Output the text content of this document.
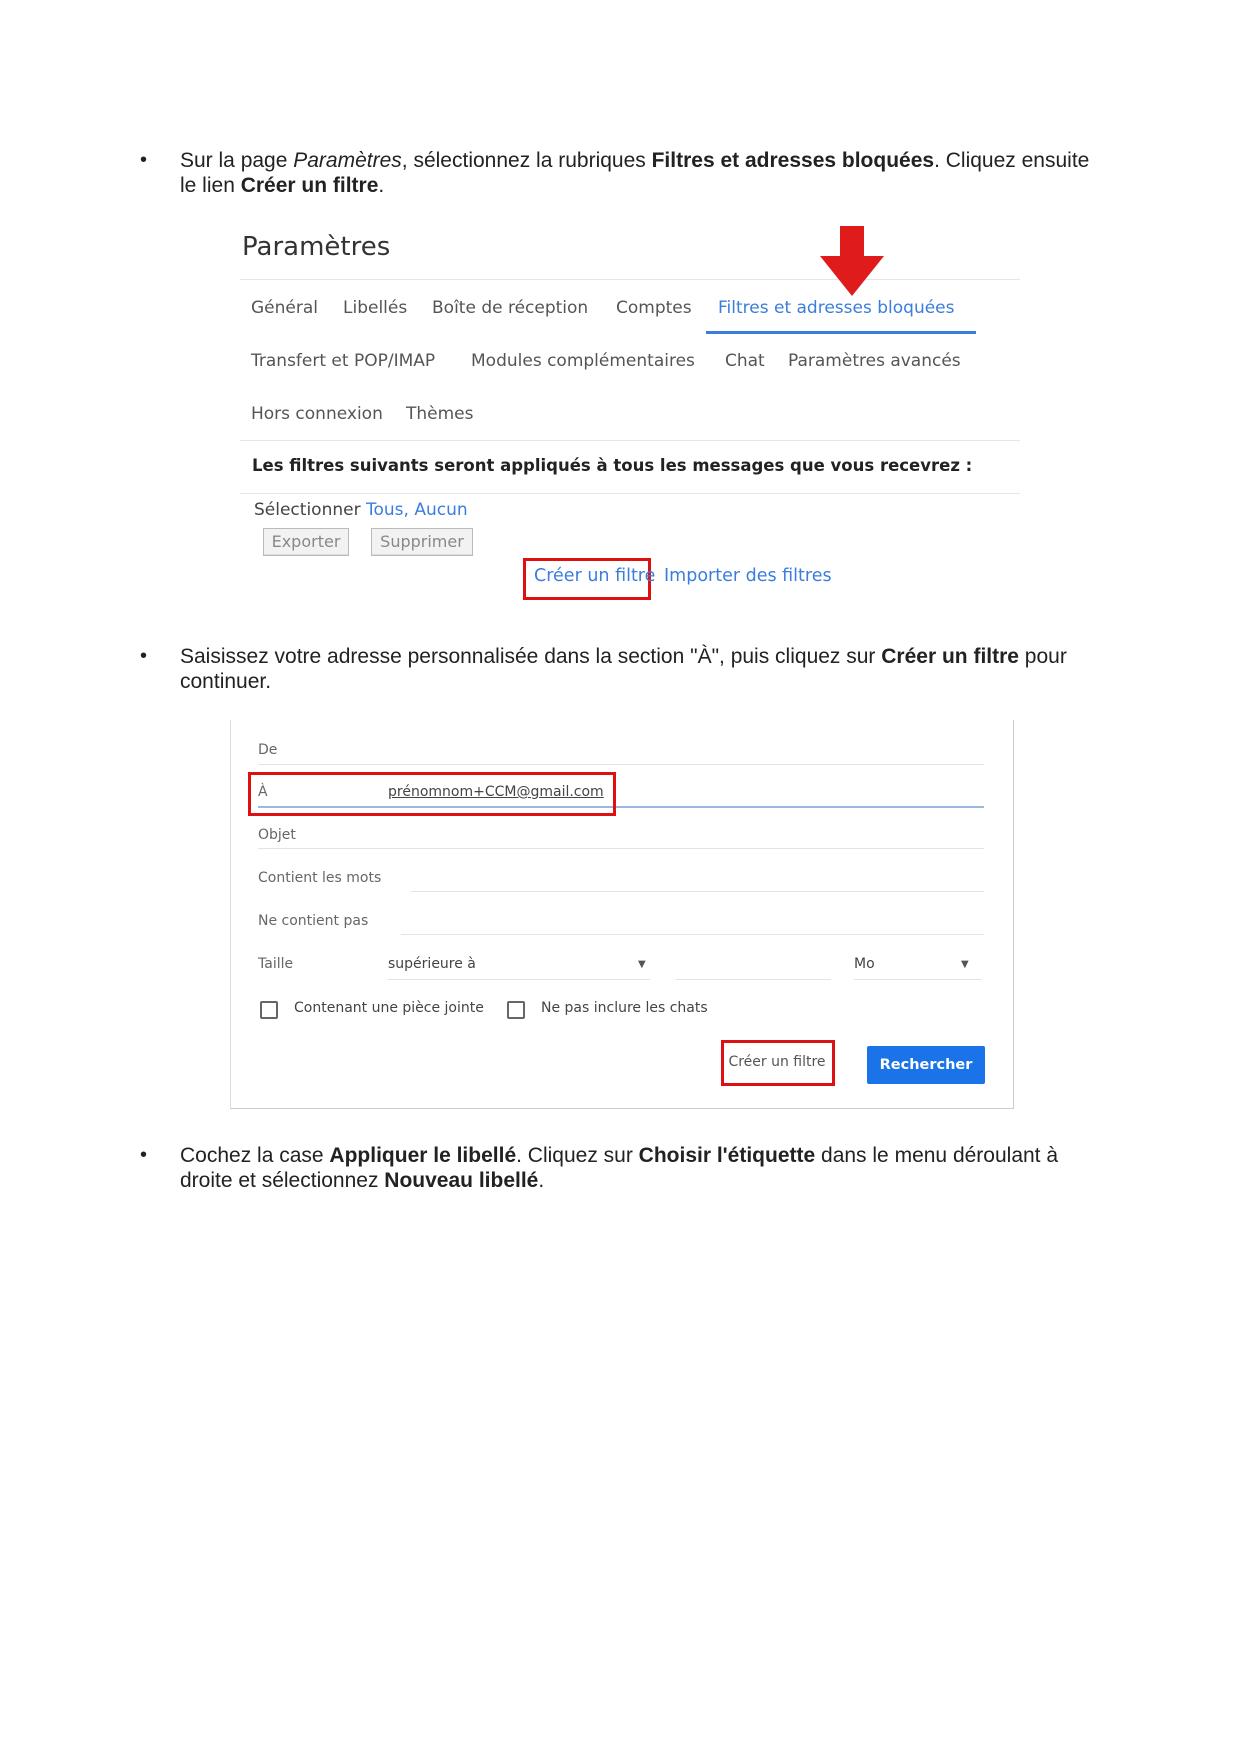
• Sur la page Paramètres, sélectionnez la rubriques Filtres et adresses bloquées. Cliquez ensuite le lien Créer un filtre.
Paramètres
Général Libellés Boîte de réception Comptes Filtres et adresses bloquées
Transfert et POP/IMAP Modules complémentaires Chat Paramètres avancés
Hors connexion Thèmes
Les filtres suivants seront appliqués à tous les messages que vous recevrez :
Sélectionner Tous, Aucun
Exporter	Supprimer
Créer un filtre Importer des filtres
• Saisissez votre adresse personnalisée dans la section "À", puis cliquez sur Créer un filtre pour continuer.
De
À	prénomnom+CCM@gmail.com
Objet
Contient les mots
Ne contient pas
Taille	supérieure à	▼	Mo	▼
Contenant une pièce jointe	Ne pas inclure les chats
Créer un filtre	Rechercher
• Cochez la case Appliquer le libellé. Cliquez sur Choisir l'étiquette dans le menu déroulant à droite et sélectionnez Nouveau libellé.
